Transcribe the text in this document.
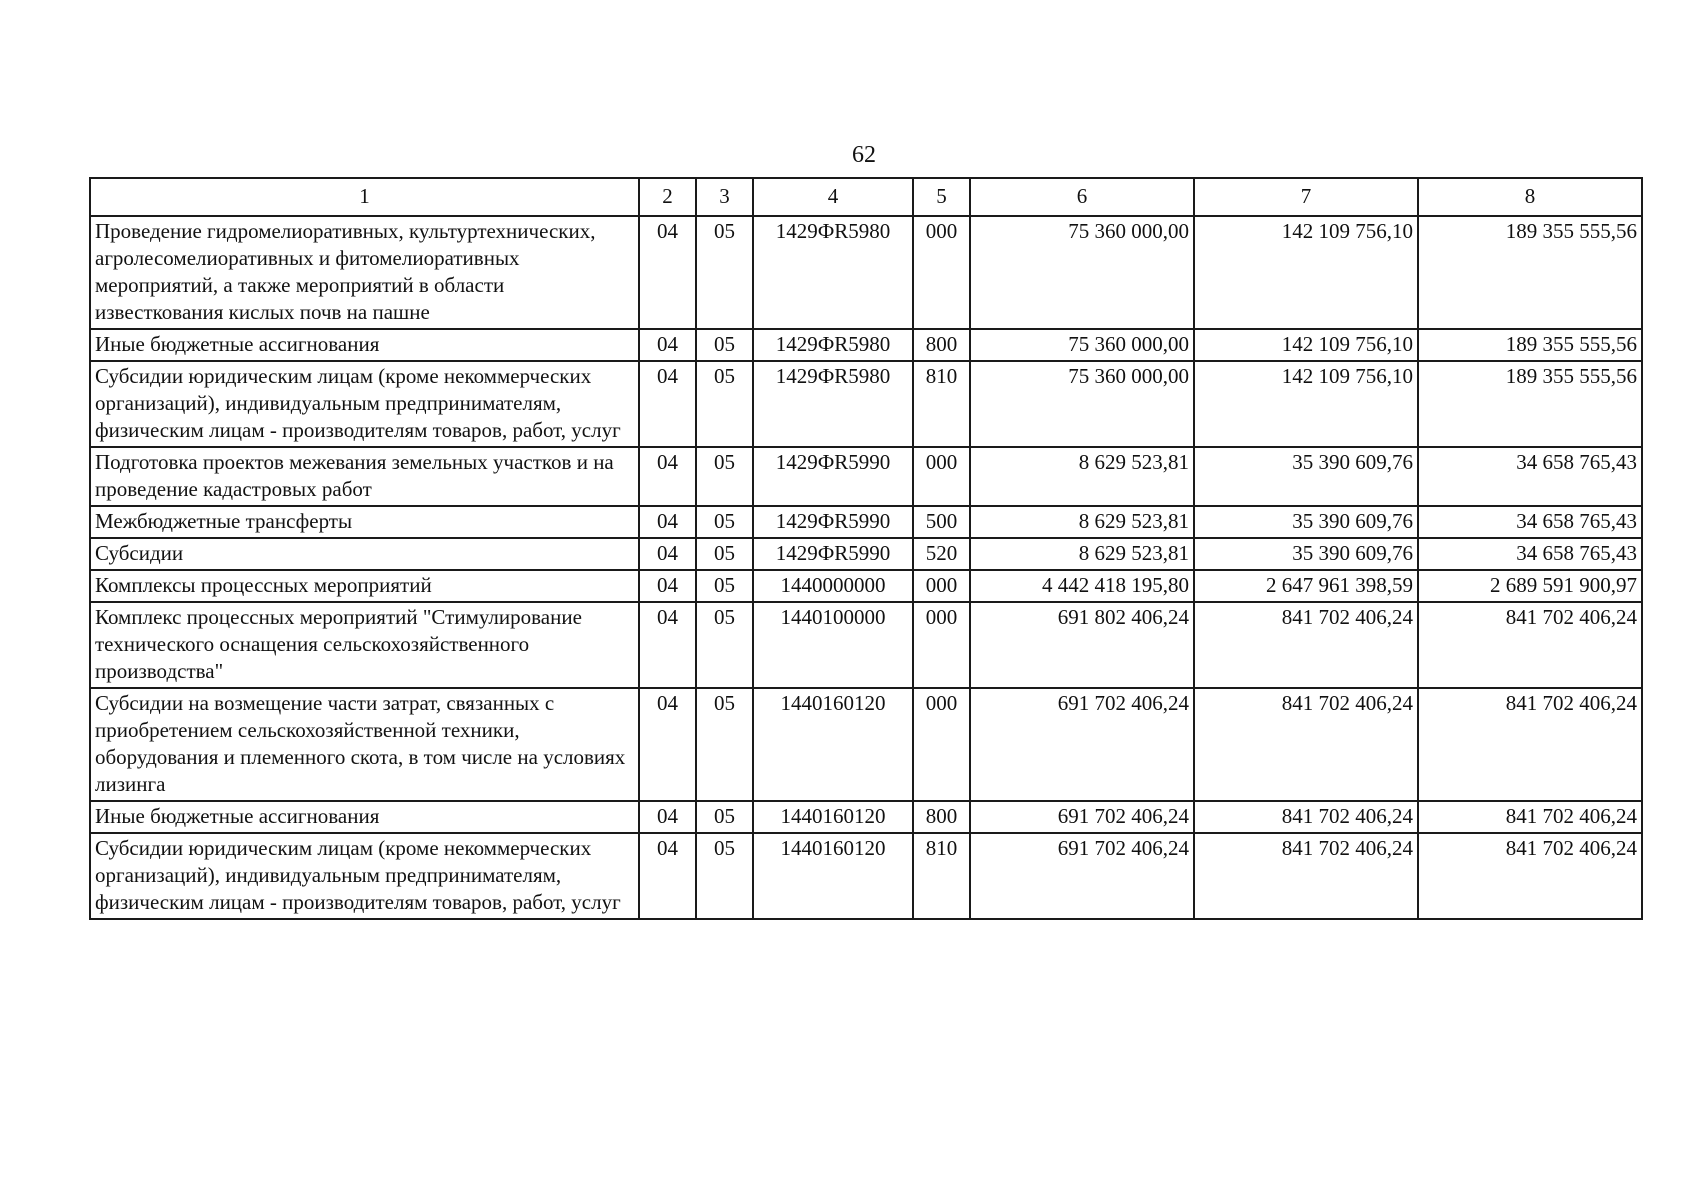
62
1	2	3	4	5	6	7	8
Проведение гидромелиоративных, культуртехнических, агролесомелиоративных и фитомелиоративных мероприятий, а также мероприятий в области известкования кислых почв на пашне	04	05	1429ФR5980	000	75 360 000,00	142 109 756,10	189 355 555,56
Иные бюджетные ассигнования	04	05	1429ФR5980	800	75 360 000,00	142 109 756,10	189 355 555,56
Субсидии юридическим лицам (кроме некоммерческих организаций), индивидуальным предпринимателям, физическим лицам - производителям товаров, работ, услуг	04	05	1429ФR5980	810	75 360 000,00	142 109 756,10	189 355 555,56
Подготовка проектов межевания земельных участков и на проведение кадастровых работ	04	05	1429ФR5990	000	8 629 523,81	35 390 609,76	34 658 765,43
Межбюджетные трансферты	04	05	1429ФR5990	500	8 629 523,81	35 390 609,76	34 658 765,43
Субсидии	04	05	1429ФR5990	520	8 629 523,81	35 390 609,76	34 658 765,43
Комплексы процессных мероприятий	04	05	1440000000	000	4 442 418 195,80	2 647 961 398,59	2 689 591 900,97
Комплекс процессных мероприятий "Стимулирование технического оснащения сельскохозяйственного производства"	04	05	1440100000	000	691 802 406,24	841 702 406,24	841 702 406,24
Субсидии на возмещение части затрат, связанных с приобретением сельскохозяйственной техники, оборудования и племенного скота, в том числе на условиях лизинга	04	05	1440160120	000	691 702 406,24	841 702 406,24	841 702 406,24
Иные бюджетные ассигнования	04	05	1440160120	800	691 702 406,24	841 702 406,24	841 702 406,24
Субсидии юридическим лицам (кроме некоммерческих организаций), индивидуальным предпринимателям, физическим лицам - производителям товаров, работ, услуг	04	05	1440160120	810	691 702 406,24	841 702 406,24	841 702 406,24
